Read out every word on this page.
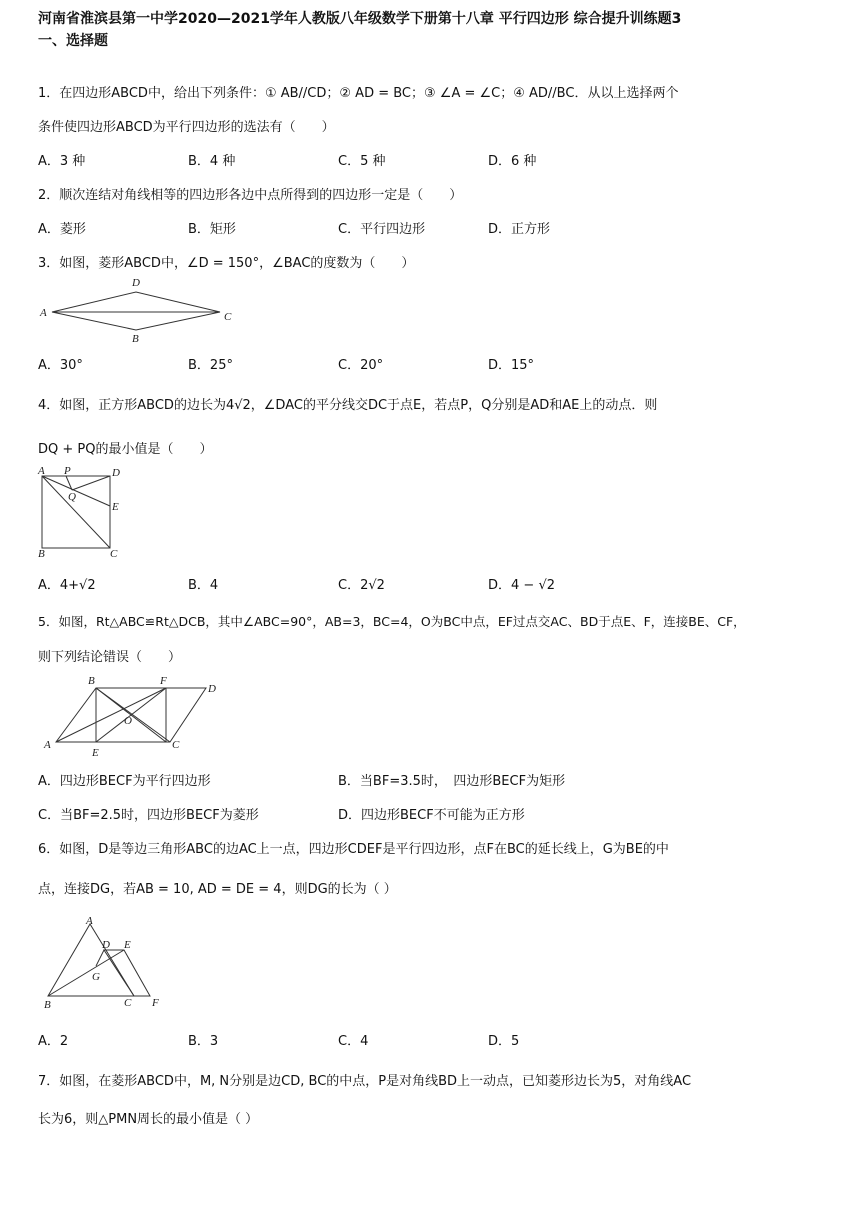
河南省淮滨县第一中学2020—2021学年人教版八年级数学下册第十八章 平行四边形 综合提升训练题3
一、选择题
1．在四边形ABCD中，给出下列条件：① AB//CD；② AD = BC；③ ∠A = ∠C；④ AD//BC．从以上选择两个
条件使四边形ABCD为平行四边形的选法有（　　）
A．3 种	B．4 种	C．5 种	D．6 种
2．顺次连结对角线相等的四边形各边中点所得到的四边形一定是（　　）
A．菱形	B．矩形	C．平行四边形	D．正方形
3．如图，菱形ABCD中，∠D = 150°，∠BAC的度数为（　　）
A
B
C
D
A．30°	B．25°	C．20°	D．15°
4．如图，正方形ABCD的边长为4√2，∠DAC的平分线交DC于点E，若点P，Q分别是AD和AE上的动点．则
DQ + PQ的最小值是（　　）
A P	D
Q
E
B	C
A．4+√2	B．4	C．2√2	D．4 − √2
5．如图，Rt△ABC≌Rt△DCB，其中∠ABC=90°，AB=3，BC=4，O为BC中点，EF过点交AC、BD于点E、F，连接BE、CF，
则下列结论错误（　　）
B	F
D
O
A
E
C
A．四边形BECF为平行四边形	B．当BF=3.5时，　四边形BECF为矩形
C．当BF=2.5时，四边形BECF为菱形	D．四边形BECF不可能为正方形
6．如图，D是等边三角形ABC的边AC上一点，四边形CDEF是平行四边形，点F在BC的延长线上，G为BE的中
点，连接DG，若AB = 10, AD = DE = 4，则DG的长为（ ）
A
D E
G
B	C F
A．2	B．3	C．4	D．5
7．如图，在菱形ABCD中，M, N分别是边CD, BC的中点，P是对角线BD上一动点，已知菱形边长为5，对角线AC
长为6，则△PMN周长的最小值是（ ）
